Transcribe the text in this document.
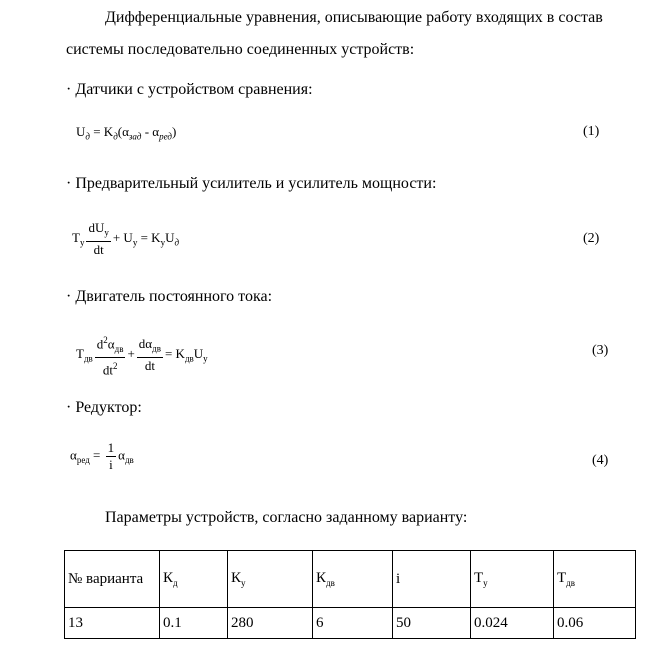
Дифференциальные уравнения, описывающие работу входящих в состав
системы последовательно соединенных устройств:
· Датчики с устройством сравнения:
$U_д = K_д(\alpha_{зад} - \alpha_{ред})$	(1)
· Предварительный усилитель и усилитель мощности:
$T_у \frac{dU_у}{dt} + U_у = K_уU_д$	(2)
· Двигатель постоянного тока:
$T_{дв} \frac{d^2\alpha_{дв}}{dt^2} + \frac{d\alpha_{дв}}{dt} = K_{дв}U_у$
(3)
· Редуктор:
$\alpha_{ред} = \frac{1}{i} \alpha_{дв}$	(4)
Параметры устройств, согласно заданному варианту:
№ варианта	$К_д$	$К_у$	$К_{дв}$	i	$Т_у$	$Т_{дв}$
13	0.1	280	6	50	0.024	0.06
